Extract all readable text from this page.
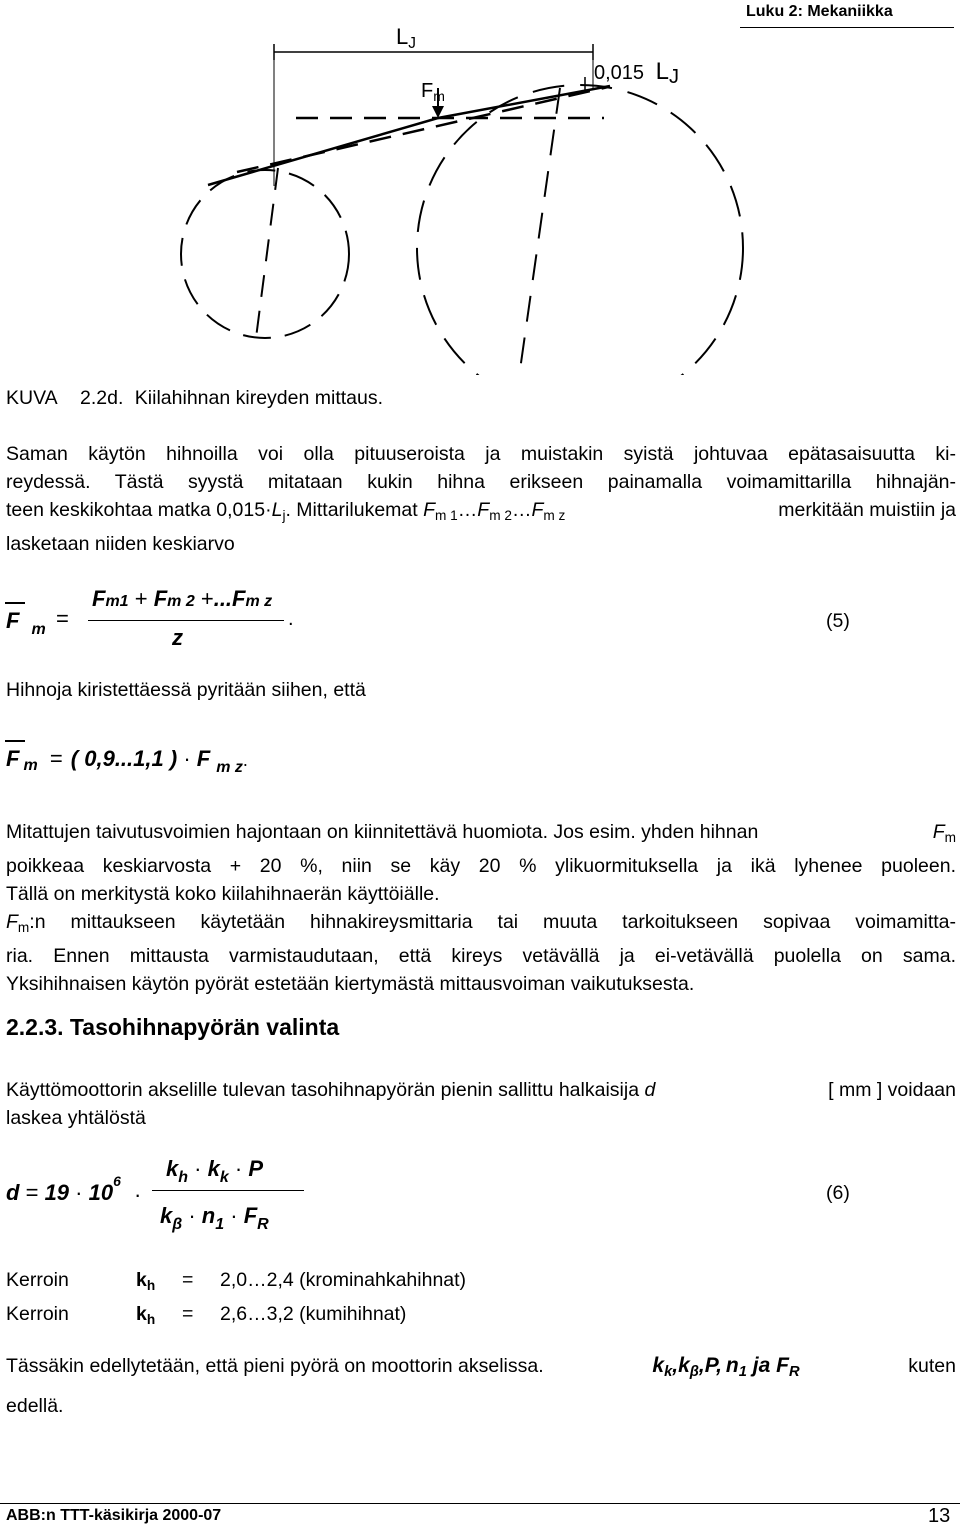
Luku 2: Mekaniikka
$L_J$
$F_m$
0,015 $L_J$
KUVA 2.2d. Kiilahihnan kireyden mittaus.
Saman käytön hihnoilla voi olla pituuseroista ja muistakin syistä johtuvaa epätasaisuutta ki-
reydessä. Tästä syystä mitataan kukin hihna erikseen painamalla voimamittarilla hihnajän-
teen keskikohtaa matka $0,015\cdot L_j$. Mittarilukemat $F_{m 1}\dots F_{m 2}\dots F_{m z}$	merkitään muistiin ja
lasketaan niiden keskiarvo
F $_m$ =
Fm1 + Fm 2 +...Fm z
z
.	(5)
Hihnoja kiristettäessä pyritään siihen, että
F m = ( 0,9...1,1 ) · F $_{m z}$.
Mitattujen taivutusvoimien hajontaan on kiinnitettävä huomiota. Jos esim. yhden hihnan	$F_m$
poikkeaa keskiarvosta + 20 %, niin se käy 20 % ylikuormituksella ja ikä lyhenee puoleen.
Tällä on merkitystä koko kiilahihnaerän käyttöiälle.
$F_m:n$ mittaukseen käytetään hihnakireysmittaria tai muuta tarkoitukseen sopivaa voimamitta-
ria. Ennen mittausta varmistaudutaan, että kireys vetävällä ja ei-vetävällä puolella on sama.
Yksihihnaisen käytön pyörät estetään kiertymästä mittausvoiman vaikutuksesta.
2.2.3. Tasohihnapyörän valinta
Käyttömoottorin akselille tulevan tasohihnapyörän pienin sallittu halkaisija d	[ mm ] voidaan
laskea yhtälöstä
$d = 19 \cdot 10^6$
·
$k_h \cdot k_k \cdot P$
$k_\beta \cdot n_1 \cdot F_R$
(6)
Kerroin	$k_h$	=	2,0…2,4 (krominahkahihnat)
Kerroin	$k_h$	=	2,6…3,2 (kumihihnat)
Tässäkin edellytetään, että pieni pyörä on moottorin akselissa.	$k_k,k_\beta,P$, $n_1$ ja $F_R$	kuten
edellä.
ABB:n TTT-käsikirja 2000-07	13
